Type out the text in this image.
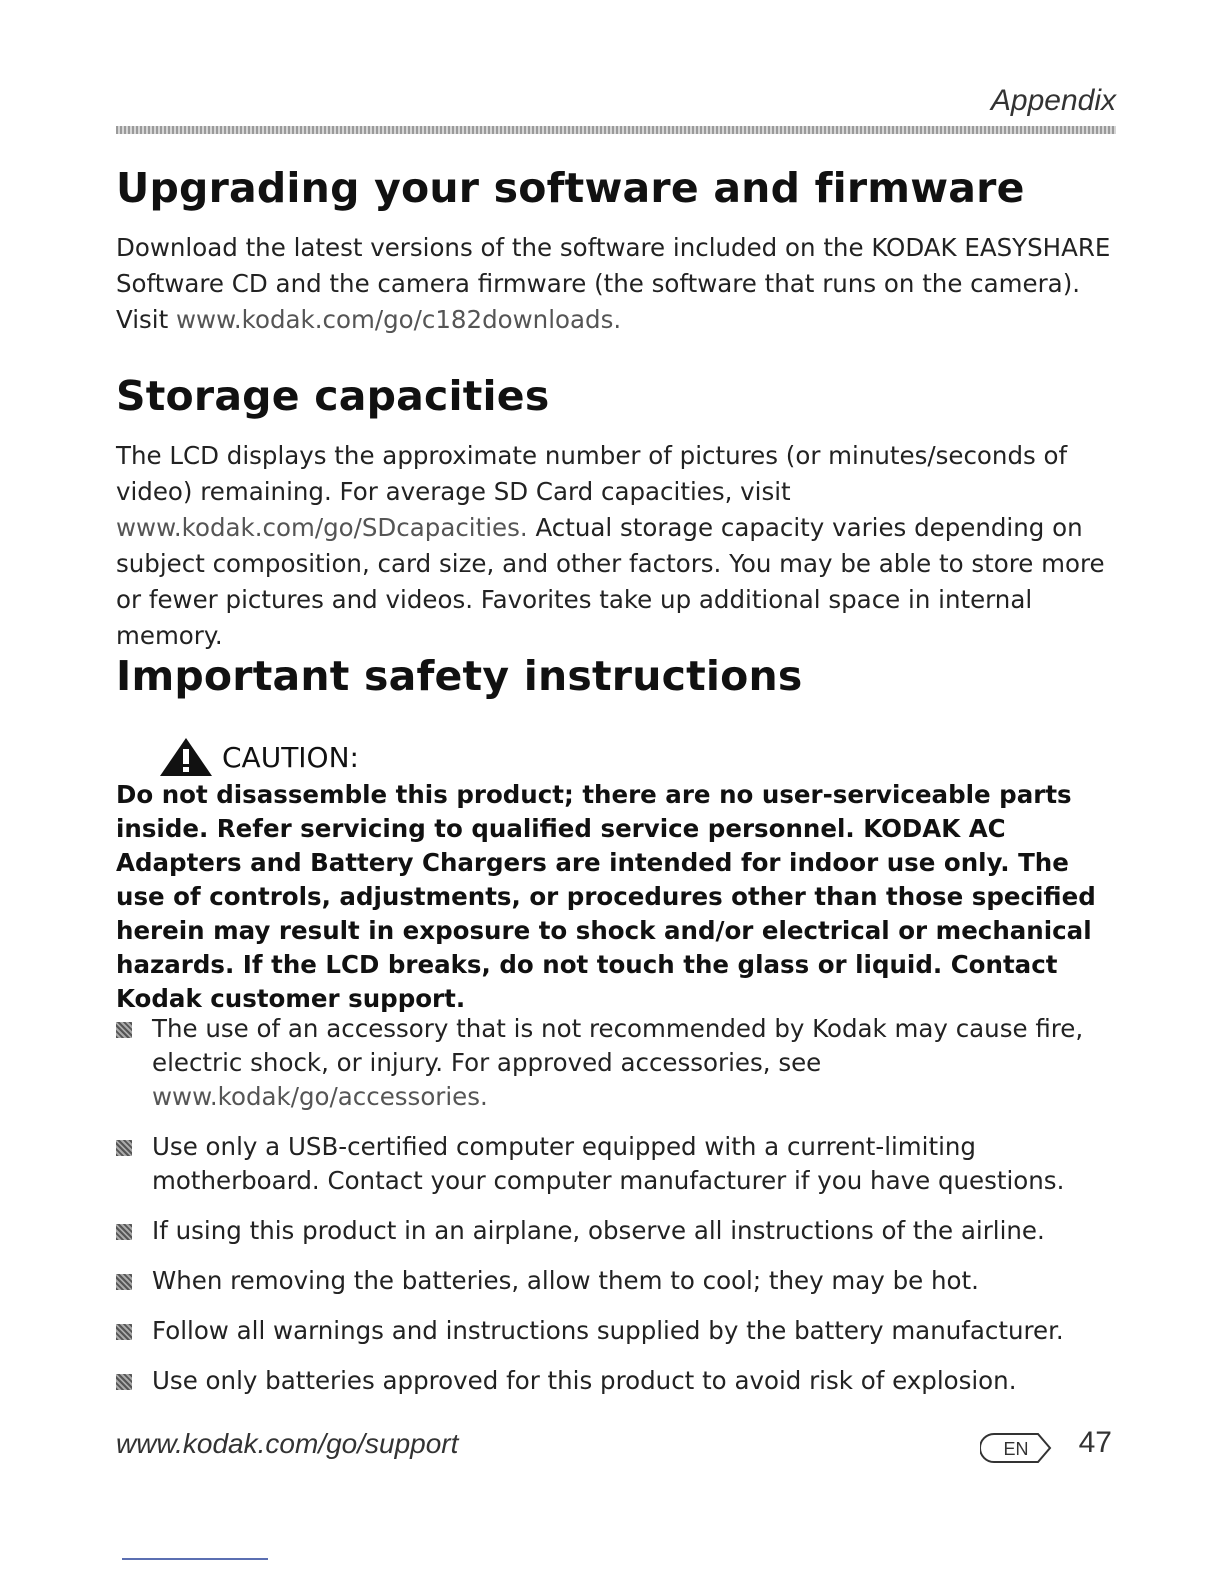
Appendix
Upgrading your software and firmware

Download the latest versions of the software included on the KODAK EASYSHARE Software CD and the camera firmware (the software that runs on the camera). Visit www.kodak.com/go/c182downloads.

Storage capacities

The LCD displays the approximate number of pictures (or minutes/seconds of video) remaining. For average SD Card capacities, visit www.kodak.com/go/SDcapacities. Actual storage capacity varies depending on subject composition, card size, and other factors. You may be able to store more or fewer pictures and videos. Favorites take up additional space in internal memory.

Important safety instructions
CAUTION:

Do not disassemble this product; there are no user-serviceable parts inside. Refer servicing to qualified service personnel. KODAK AC Adapters and Battery Chargers are intended for indoor use only. The use of controls, adjustments, or procedures other than those specified herein may result in exposure to shock and/or electrical or mechanical hazards. If the LCD breaks, do not touch the glass or liquid. Contact Kodak customer support.

The use of an accessory that is not recommended by Kodak may cause fire, electric shock, or injury. For approved accessories, see www.kodak/go/accessories.
Use only a USB-certified computer equipped with a current-limiting motherboard. Contact your computer manufacturer if you have questions.
If using this product in an airplane, observe all instructions of the airline.
When removing the batteries, allow them to cool; they may be hot.
Follow all warnings and instructions supplied by the battery manufacturer.
Use only batteries approved for this product to avoid risk of explosion.
www.kodak.com/go/support	EN 47
